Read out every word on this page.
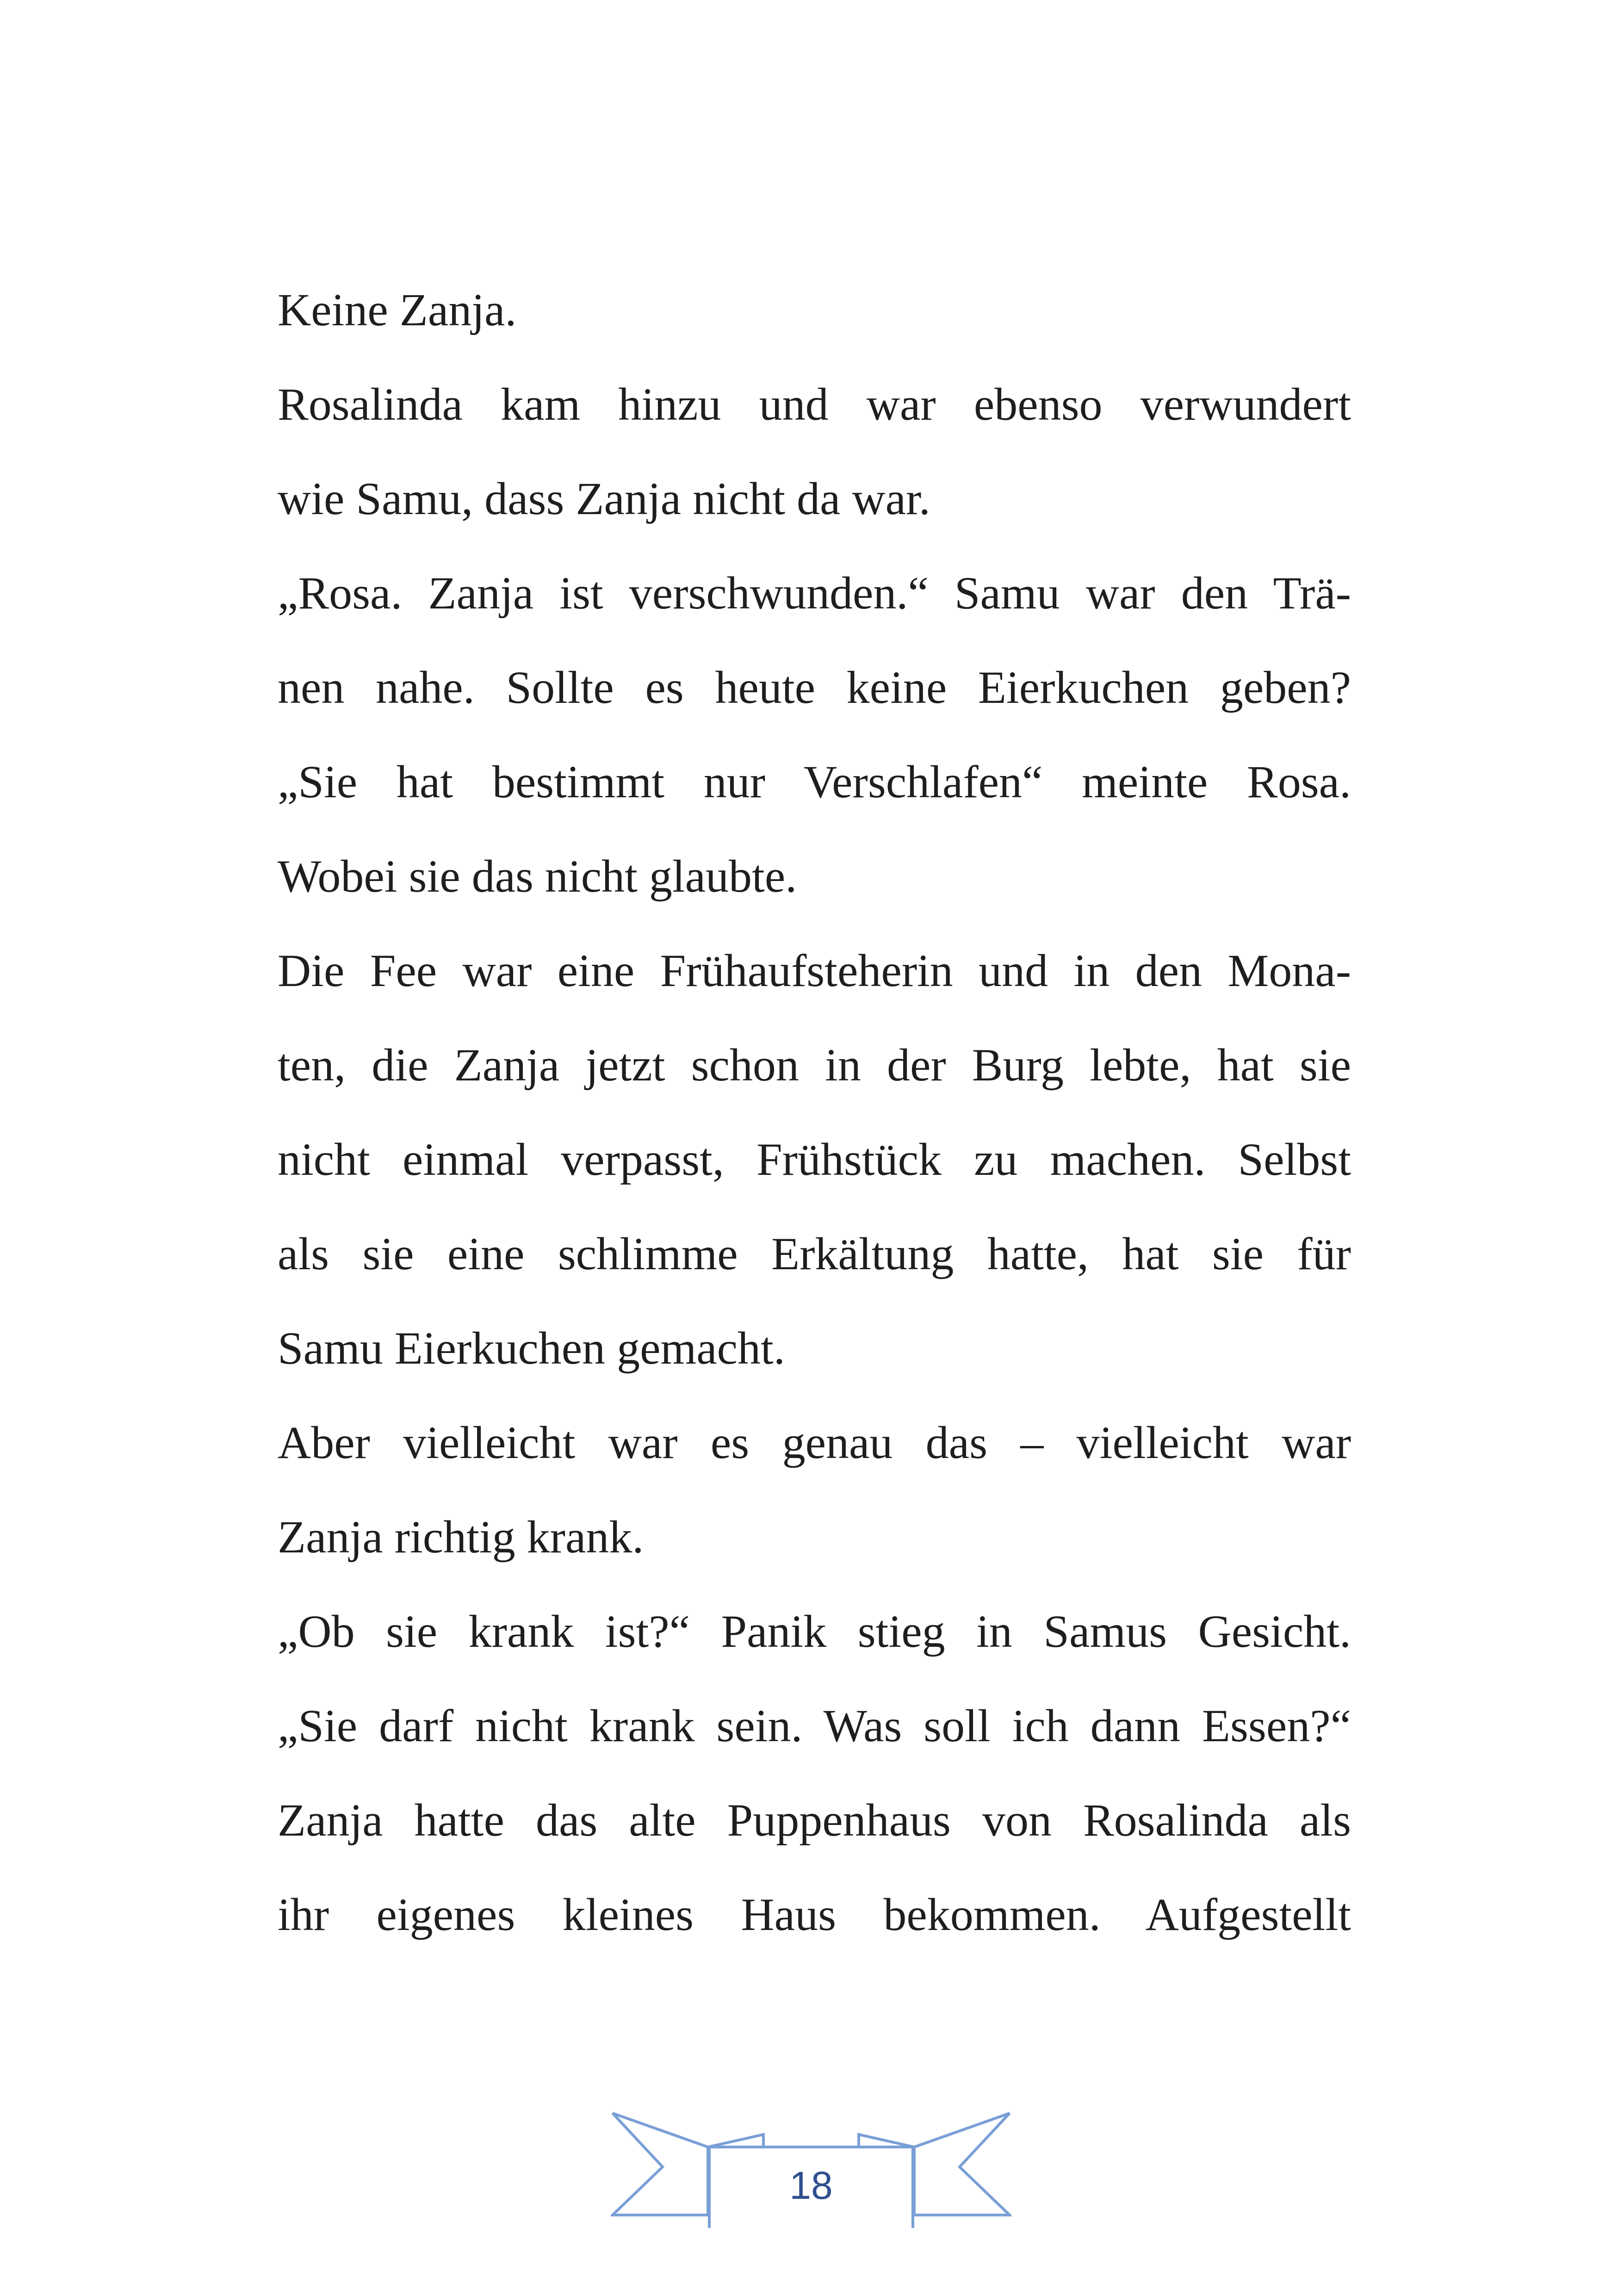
Keine Zanja.
Rosalinda kam hinzu und war ebenso verwundert
wie Samu, dass Zanja nicht da war.
„Rosa. Zanja ist verschwunden.“ Samu war den Trä-
nen nahe. Sollte es heute keine Eierkuchen geben?
„Sie hat bestimmt nur Verschlafen“ meinte Rosa.
Wobei sie das nicht glaubte.
Die Fee war eine Frühaufsteherin und in den Mona-
ten, die Zanja jetzt schon in der Burg lebte, hat sie
nicht einmal verpasst, Frühstück zu machen. Selbst
als sie eine schlimme Erkältung hatte, hat sie für
Samu Eierkuchen gemacht.
Aber vielleicht war es genau das – vielleicht war
Zanja richtig krank.
„Ob sie krank ist?“ Panik stieg in Samus Gesicht.
„Sie darf nicht krank sein. Was soll ich dann Essen?“
Zanja hatte das alte Puppenhaus von Rosalinda als
ihr eigenes kleines Haus bekommen. Aufgestellt
18
